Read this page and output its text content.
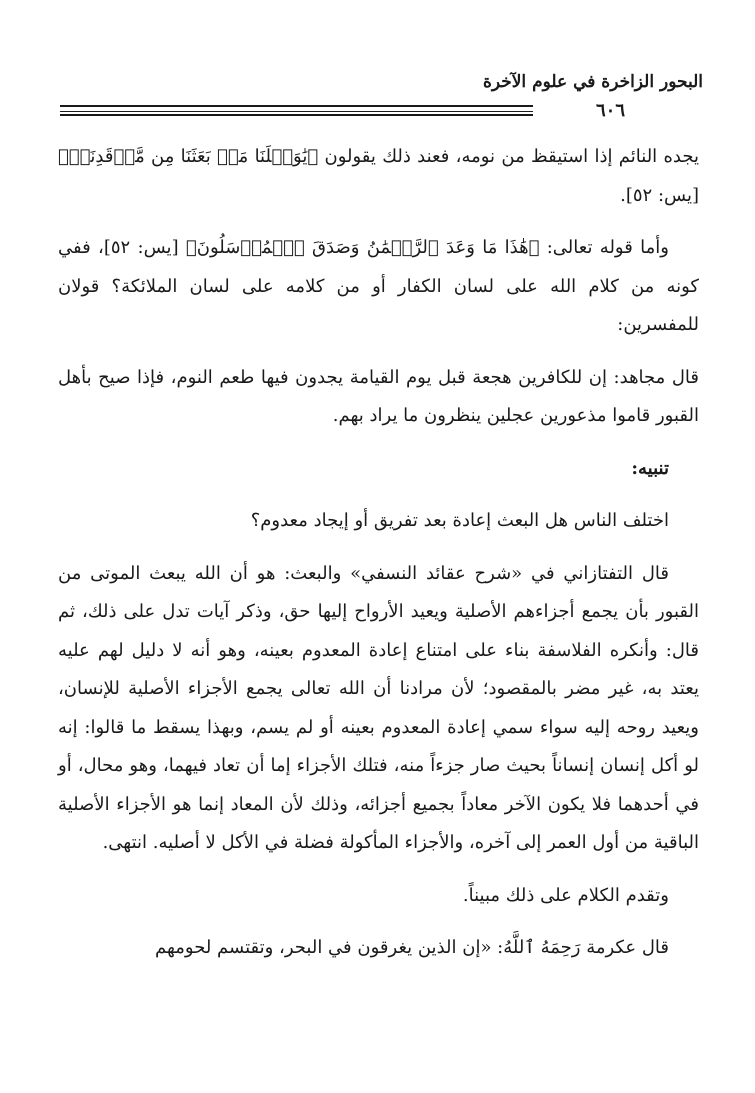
البحور الزاخرة في علوم الآخرة
٦٠٦

يجده النائم إذا استيقظ من نومه، فعند ذلك يقولون ﴿يَٰوَيۡلَنَا مَنۢ بَعَثَنَا مِن مَّرۡقَدِنَاۜ﴾ [يس: ٥٢].

وأما قوله تعالى: ﴿هَٰذَا مَا وَعَدَ ٱلرَّحۡمَٰنُ وَصَدَقَ ٱلۡمُرۡسَلُونَ﴾ [يس: ٥٢]، ففي كونه من كلام الله على لسان الكفار أو من كلامه على لسان الملائكة؟ قولان للمفسرين:

قال مجاهد: إن للكافرين هجعة قبل يوم القيامة يجدون فيها طعم النوم، فإذا صيح بأهل القبور قاموا مذعورين عجلين ينظرون ما يراد بهم.

تنبيه:

اختلف الناس هل البعث إعادة بعد تفريق أو إيجاد معدوم؟

قال التفتازاني في «شرح عقائد النسفي» والبعث: هو أن الله يبعث الموتى من القبور بأن يجمع أجزاءهم الأصلية ويعيد الأرواح إليها حق، وذكر آيات تدل على ذلك، ثم قال: وأنكره الفلاسفة بناء على امتناع إعادة المعدوم بعينه، وهو أنه لا دليل لهم عليه يعتد به، غير مضر بالمقصود؛ لأن مرادنا أن الله تعالى يجمع الأجزاء الأصلية للإنسان، ويعيد روحه إليه سواء سمي إعادة المعدوم بعينه أو لم يسم، وبهذا يسقط ما قالوا: إنه لو أكل إنسان إنساناً بحيث صار جزءاً منه، فتلك الأجزاء إما أن تعاد فيهما، وهو محال، أو في أحدهما فلا يكون الآخر معاداً بجميع أجزائه، وذلك لأن المعاد إنما هو الأجزاء الأصلية الباقية من أول العمر إلى آخره، والأجزاء المأكولة فضلة في الأكل لا أصليه. انتهى.

وتقدم الكلام على ذلك مبيناً.

قال عكرمة رَحِمَهُ ٱللَّهُ: «إن الذين يغرقون في البحر، وتقتسم لحومهم
